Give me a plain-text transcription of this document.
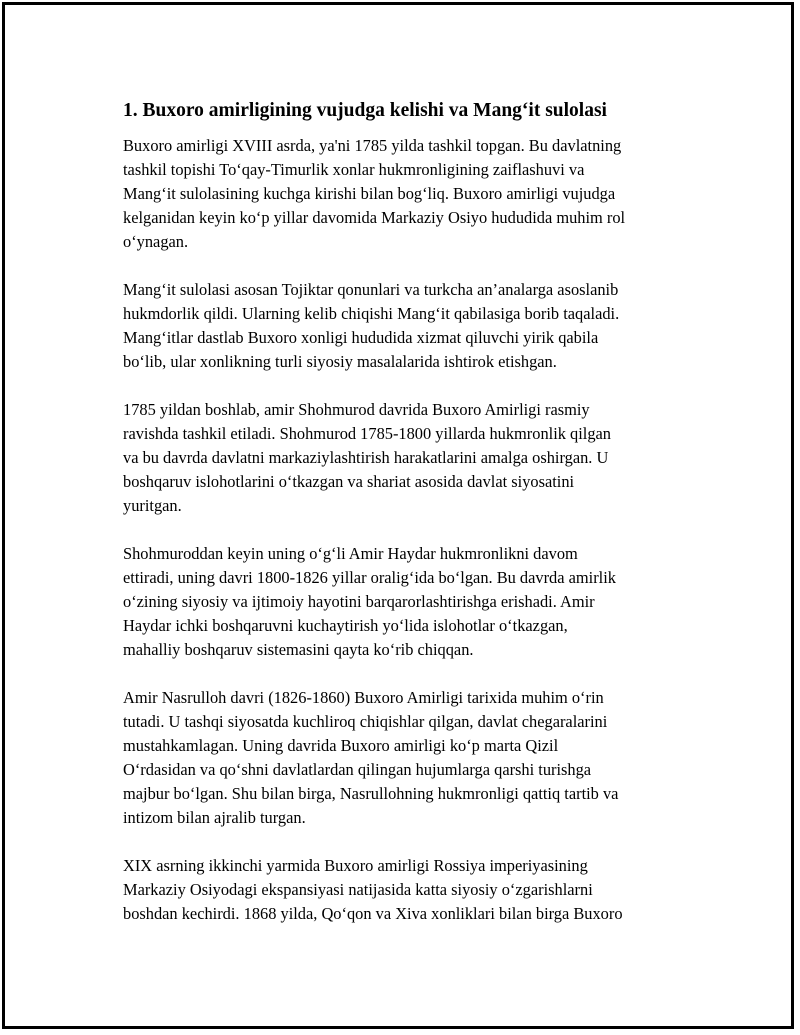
1. Buxoro amirligining vujudga kelishi va Mang‘it sulolasi

Buxoro amirligi XVIII asrda, ya'ni 1785 yilda tashkil topgan. Bu davlatning
tashkil topishi To‘qay-Timurlik xonlar hukmronligining zaiflashuvi va
Mang‘it sulolasining kuchga kirishi bilan bog‘liq. Buxoro amirligi vujudga
kelganidan keyin ko‘p yillar davomida Markaziy Osiyo hududida muhim rol
o‘ynagan.

Mang‘it sulolasi asosan Tojiktar qonunlari va turkcha an’analarga asoslanib
hukmdorlik qildi. Ularning kelib chiqishi Mang‘it qabilasiga borib taqaladi.
Mang‘itlar dastlab Buxoro xonligi hududida xizmat qiluvchi yirik qabila
bo‘lib, ular xonlikning turli siyosiy masalalarida ishtirok etishgan.

1785 yildan boshlab, amir Shohmurod davrida Buxoro Amirligi rasmiy
ravishda tashkil etiladi. Shohmurod 1785-1800 yillarda hukmronlik qilgan
va bu davrda davlatni markaziylashtirish harakatlarini amalga oshirgan. U
boshqaruv islohotlarini o‘tkazgan va shariat asosida davlat siyosatini
yuritgan.

Shohmuroddan keyin uning o‘g‘li Amir Haydar hukmronlikni davom
ettiradi, uning davri 1800-1826 yillar oralig‘ida bo‘lgan. Bu davrda amirlik
o‘zining siyosiy va ijtimoiy hayotini barqarorlashtirishga erishadi. Amir
Haydar ichki boshqaruvni kuchaytirish yo‘lida islohotlar o‘tkazgan,
mahalliy boshqaruv sistemasini qayta ko‘rib chiqqan.

Amir Nasrulloh davri (1826-1860) Buxoro Amirligi tarixida muhim o‘rin
tutadi. U tashqi siyosatda kuchliroq chiqishlar qilgan, davlat chegaralarini
mustahkamlagan. Uning davrida Buxoro amirligi ko‘p marta Qizil
O‘rdasidan va qo‘shni davlatlardan qilingan hujumlarga qarshi turishga
majbur bo‘lgan. Shu bilan birga, Nasrullohning hukmronligi qattiq tartib va
intizom bilan ajralib turgan.

XIX asrning ikkinchi yarmida Buxoro amirligi Rossiya imperiyasining
Markaziy Osiyodagi ekspansiyasi natijasida katta siyosiy o‘zgarishlarni
boshdan kechirdi. 1868 yilda, Qo‘qon va Xiva xonliklari bilan birga Buxoro
